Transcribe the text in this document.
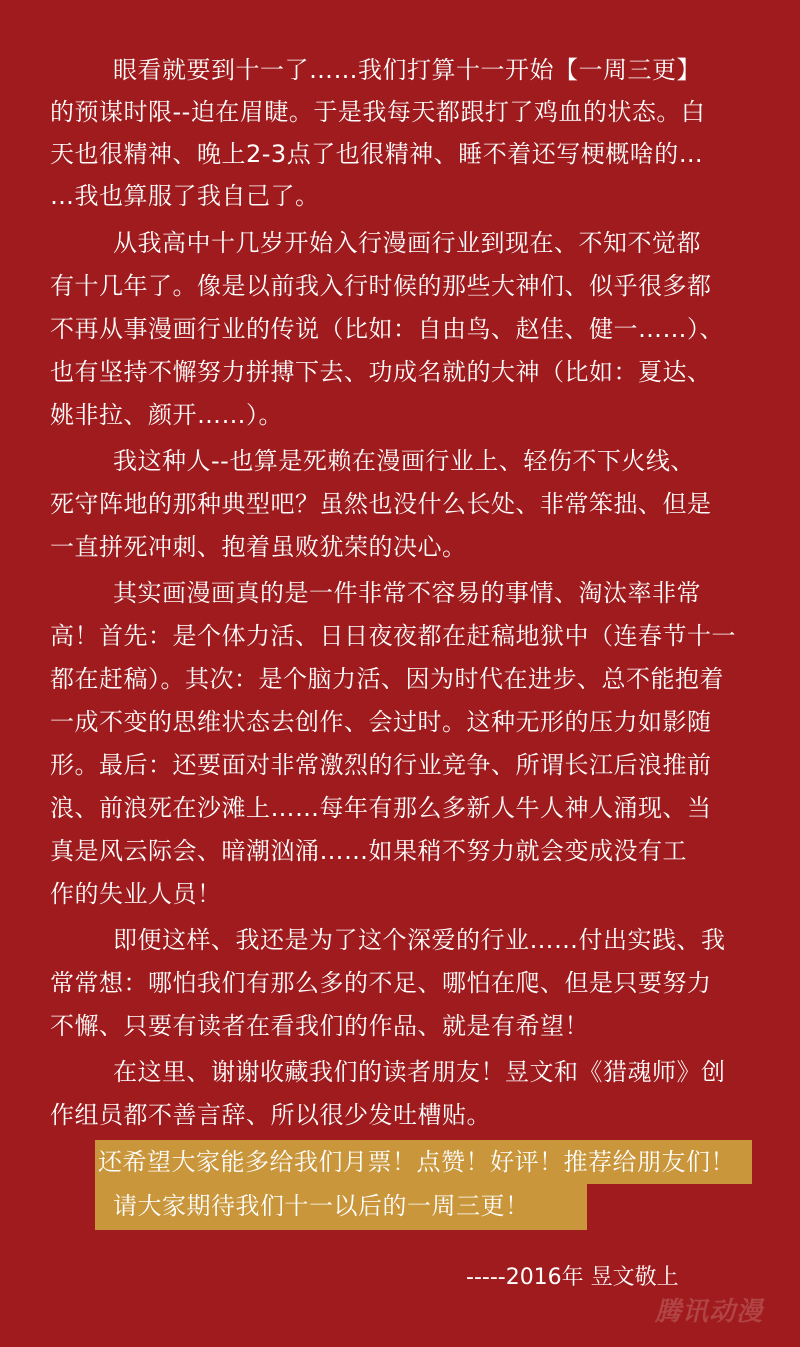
眼看就要到十一了……我们打算十一开始【一周三更】
的预谋时限--迫在眉睫。于是我每天都跟打了鸡血的状态。白
天也很精神、晚上2-3点了也很精神、睡不着还写梗概啥的…
…我也算服了我自己了。
从我高中十几岁开始入行漫画行业到现在、不知不觉都
有十几年了。像是以前我入行时候的那些大神们、似乎很多都
不再从事漫画行业的传说（比如：自由鸟、赵佳、健一……）、
也有坚持不懈努力拼搏下去、功成名就的大神（比如：夏达、
姚非拉、颜开……）。
我这种人--也算是死赖在漫画行业上、轻伤不下火线、
死守阵地的那种典型吧？虽然也没什么长处、非常笨拙、但是
一直拼死冲刺、抱着虽败犹荣的决心。
其实画漫画真的是一件非常不容易的事情、淘汰率非常
高！首先：是个体力活、日日夜夜都在赶稿地狱中（连春节十一
都在赶稿）。其次：是个脑力活、因为时代在进步、总不能抱着
一成不变的思维状态去创作、会过时。这种无形的压力如影随
形。最后：还要面对非常激烈的行业竞争、所谓长江后浪推前
浪、前浪死在沙滩上……每年有那么多新人牛人神人涌现、当
真是风云际会、暗潮汹涌……如果稍不努力就会变成没有工
作的失业人员！
即便这样、我还是为了这个深爱的行业……付出实践、我
常常想：哪怕我们有那么多的不足、哪怕在爬、但是只要努力
不懈、只要有读者在看我们的作品、就是有希望！
在这里、谢谢收藏我们的读者朋友！昱文和《猎魂师》创
作组员都不善言辞、所以很少发吐槽贴。
还希望大家能多给我们月票！点赞！好评！推荐给朋友们！
请大家期待我们十一以后的一周三更！
-----2016年 昱文敬上
腾讯动漫
